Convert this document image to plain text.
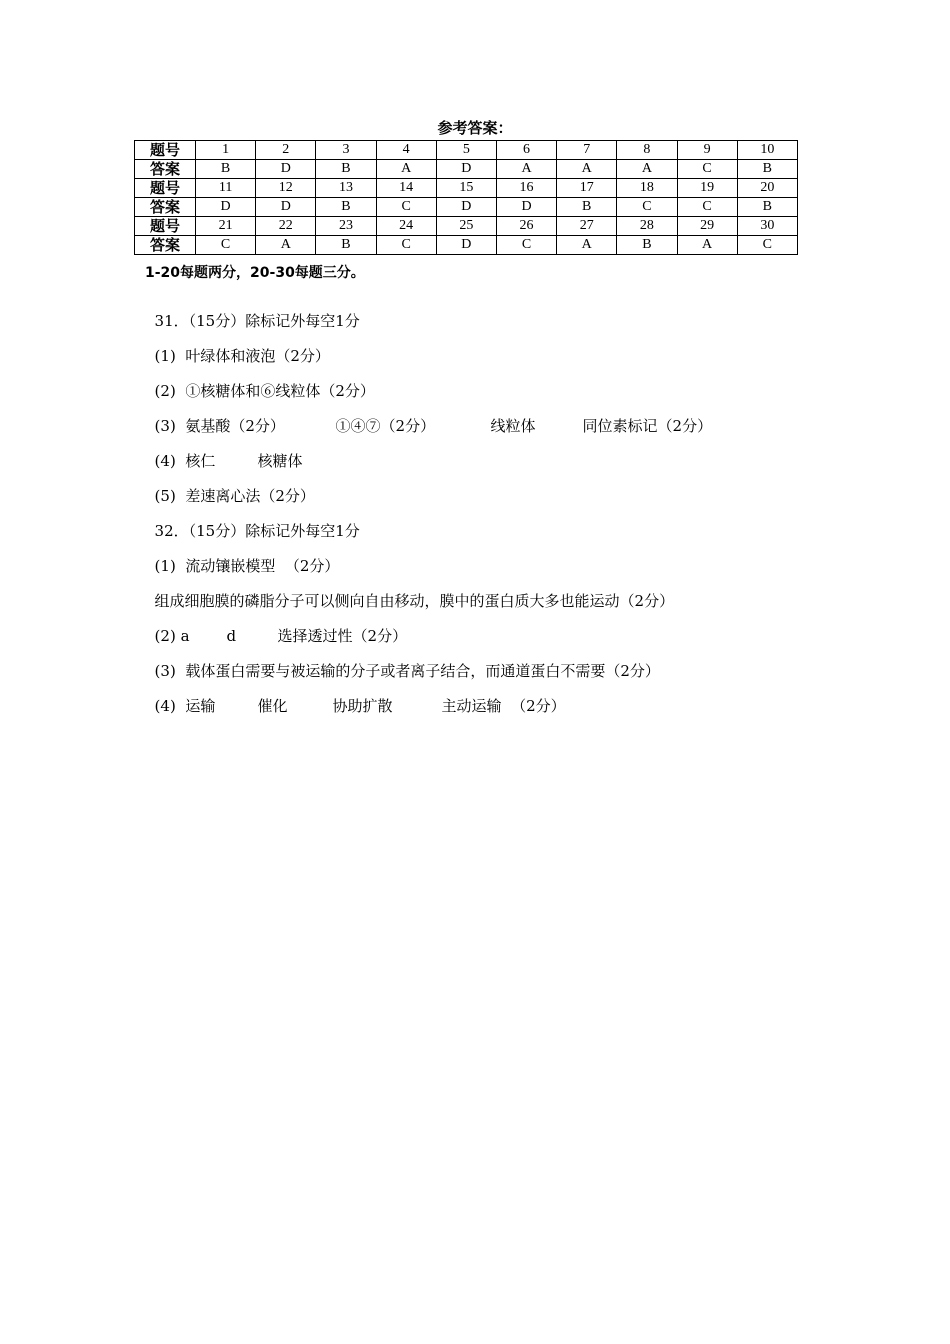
参考答案：
题号	1	2	3	4	5	6	7	8	9	10
答案	B	D	B	A	D	A	A	A	C	B
题号	11	12	13	14	15	16	17	18	19	20
答案	D	D	B	C	D	D	B	C	C	B
题号	21	22	23	24	25	26	27	28	29	30
答案	C	A	B	C	D	C	A	B	A	C
1-20每题两分，20-30每题三分。

31．（15分）除标记外每空1分

(1)  叶绿体和液泡（2分）

(2)  ①核糖体和⑥线粒体（2分）

(3)  氨基酸（2分）	①④⑦（2分）	线粒体	同位素标记（2分）

(4)  核仁	核糖体

(5)  差速离心法（2分）

32．（15分）除标记外每空1分

(1)  流动镶嵌模型  （2分）

组成细胞膜的磷脂分子可以侧向自由移动，膜中的蛋白质大多也能运动（2分）

(2) a d	选择透过性（2分）

(3)  载体蛋白需要与被运输的分子或者离子结合，而通道蛋白不需要（2分）

(4)  运输	催化	协助扩散	主动运输  （2分）
